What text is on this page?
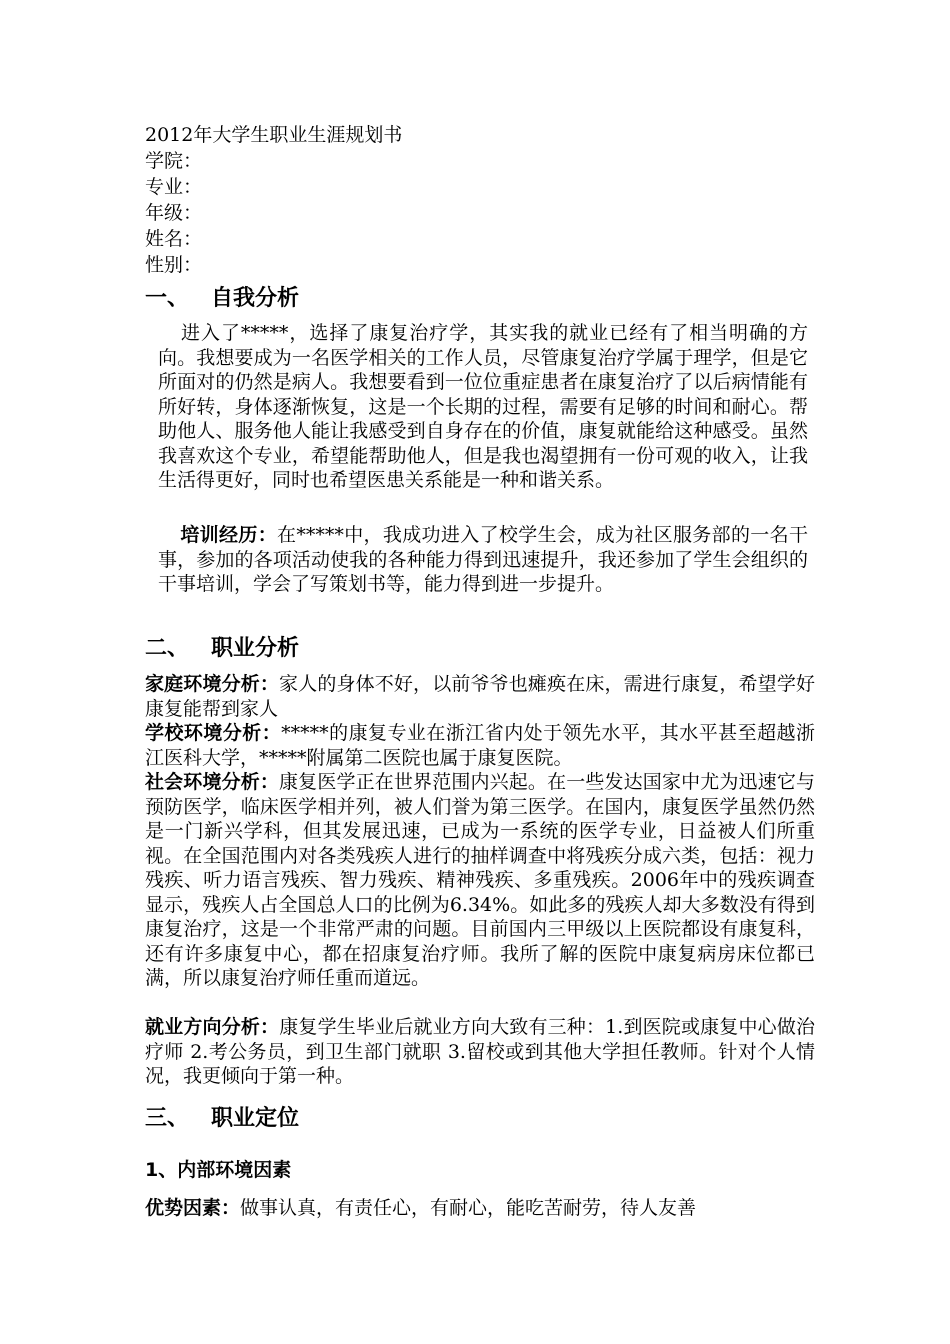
2012年大学生职业生涯规划书
学院：
专业：
年级：
姓名：
性别：
一、 自我分析
进入了*****，选择了康复治疗学，其实我的就业已经有了相当明确的方向。我想要成为一名医学相关的工作人员，尽管康复治疗学属于理学，但是它所面对的仍然是病人。我想要看到一位位重症患者在康复治疗了以后病情能有所好转，身体逐渐恢复，这是一个长期的过程，需要有足够的时间和耐心。帮助他人、服务他人能让我感受到自身存在的价值，康复就能给这种感受。虽然我喜欢这个专业，希望能帮助他人，但是我也渴望拥有一份可观的收入，让我生活得更好，同时也希望医患关系能是一种和谐关系。
培训经历：在*****中，我成功进入了校学生会，成为社区服务部的一名干事，参加的各项活动使我的各种能力得到迅速提升，我还参加了学生会组织的干事培训，学会了写策划书等，能力得到进一步提升。
二、 职业分析
家庭环境分析：家人的身体不好，以前爷爷也瘫痪在床，需进行康复，希望学好康复能帮到家人
学校环境分析：*****的康复专业在浙江省内处于领先水平，其水平甚至超越浙江医科大学，*****附属第二医院也属于康复医院。
社会环境分析：康复医学正在世界范围内兴起。在一些发达国家中尤为迅速它与预防医学，临床医学相并列，被人们誉为第三医学。在国内，康复医学虽然仍然是一门新兴学科，但其发展迅速，已成为一系统的医学专业，日益被人们所重视。在全国范围内对各类残疾人进行的抽样调查中将残疾分成六类，包括：视力残疾、听力语言残疾、智力残疾、精神残疾、多重残疾。2006年中的残疾调查显示，残疾人占全国总人口的比例为6.34%。如此多的残疾人却大多数没有得到康复治疗，这是一个非常严肃的问题。目前国内三甲级以上医院都设有康复科，还有许多康复中心，都在招康复治疗师。我所了解的医院中康复病房床位都已满，所以康复治疗师任重而道远。
就业方向分析：康复学生毕业后就业方向大致有三种：1.到医院或康复中心做治疗师 2.考公务员，到卫生部门就职 3.留校或到其他大学担任教师。针对个人情况，我更倾向于第一种。
三、 职业定位
1、内部环境因素
优势因素：做事认真，有责任心，有耐心，能吃苦耐劳，待人友善
